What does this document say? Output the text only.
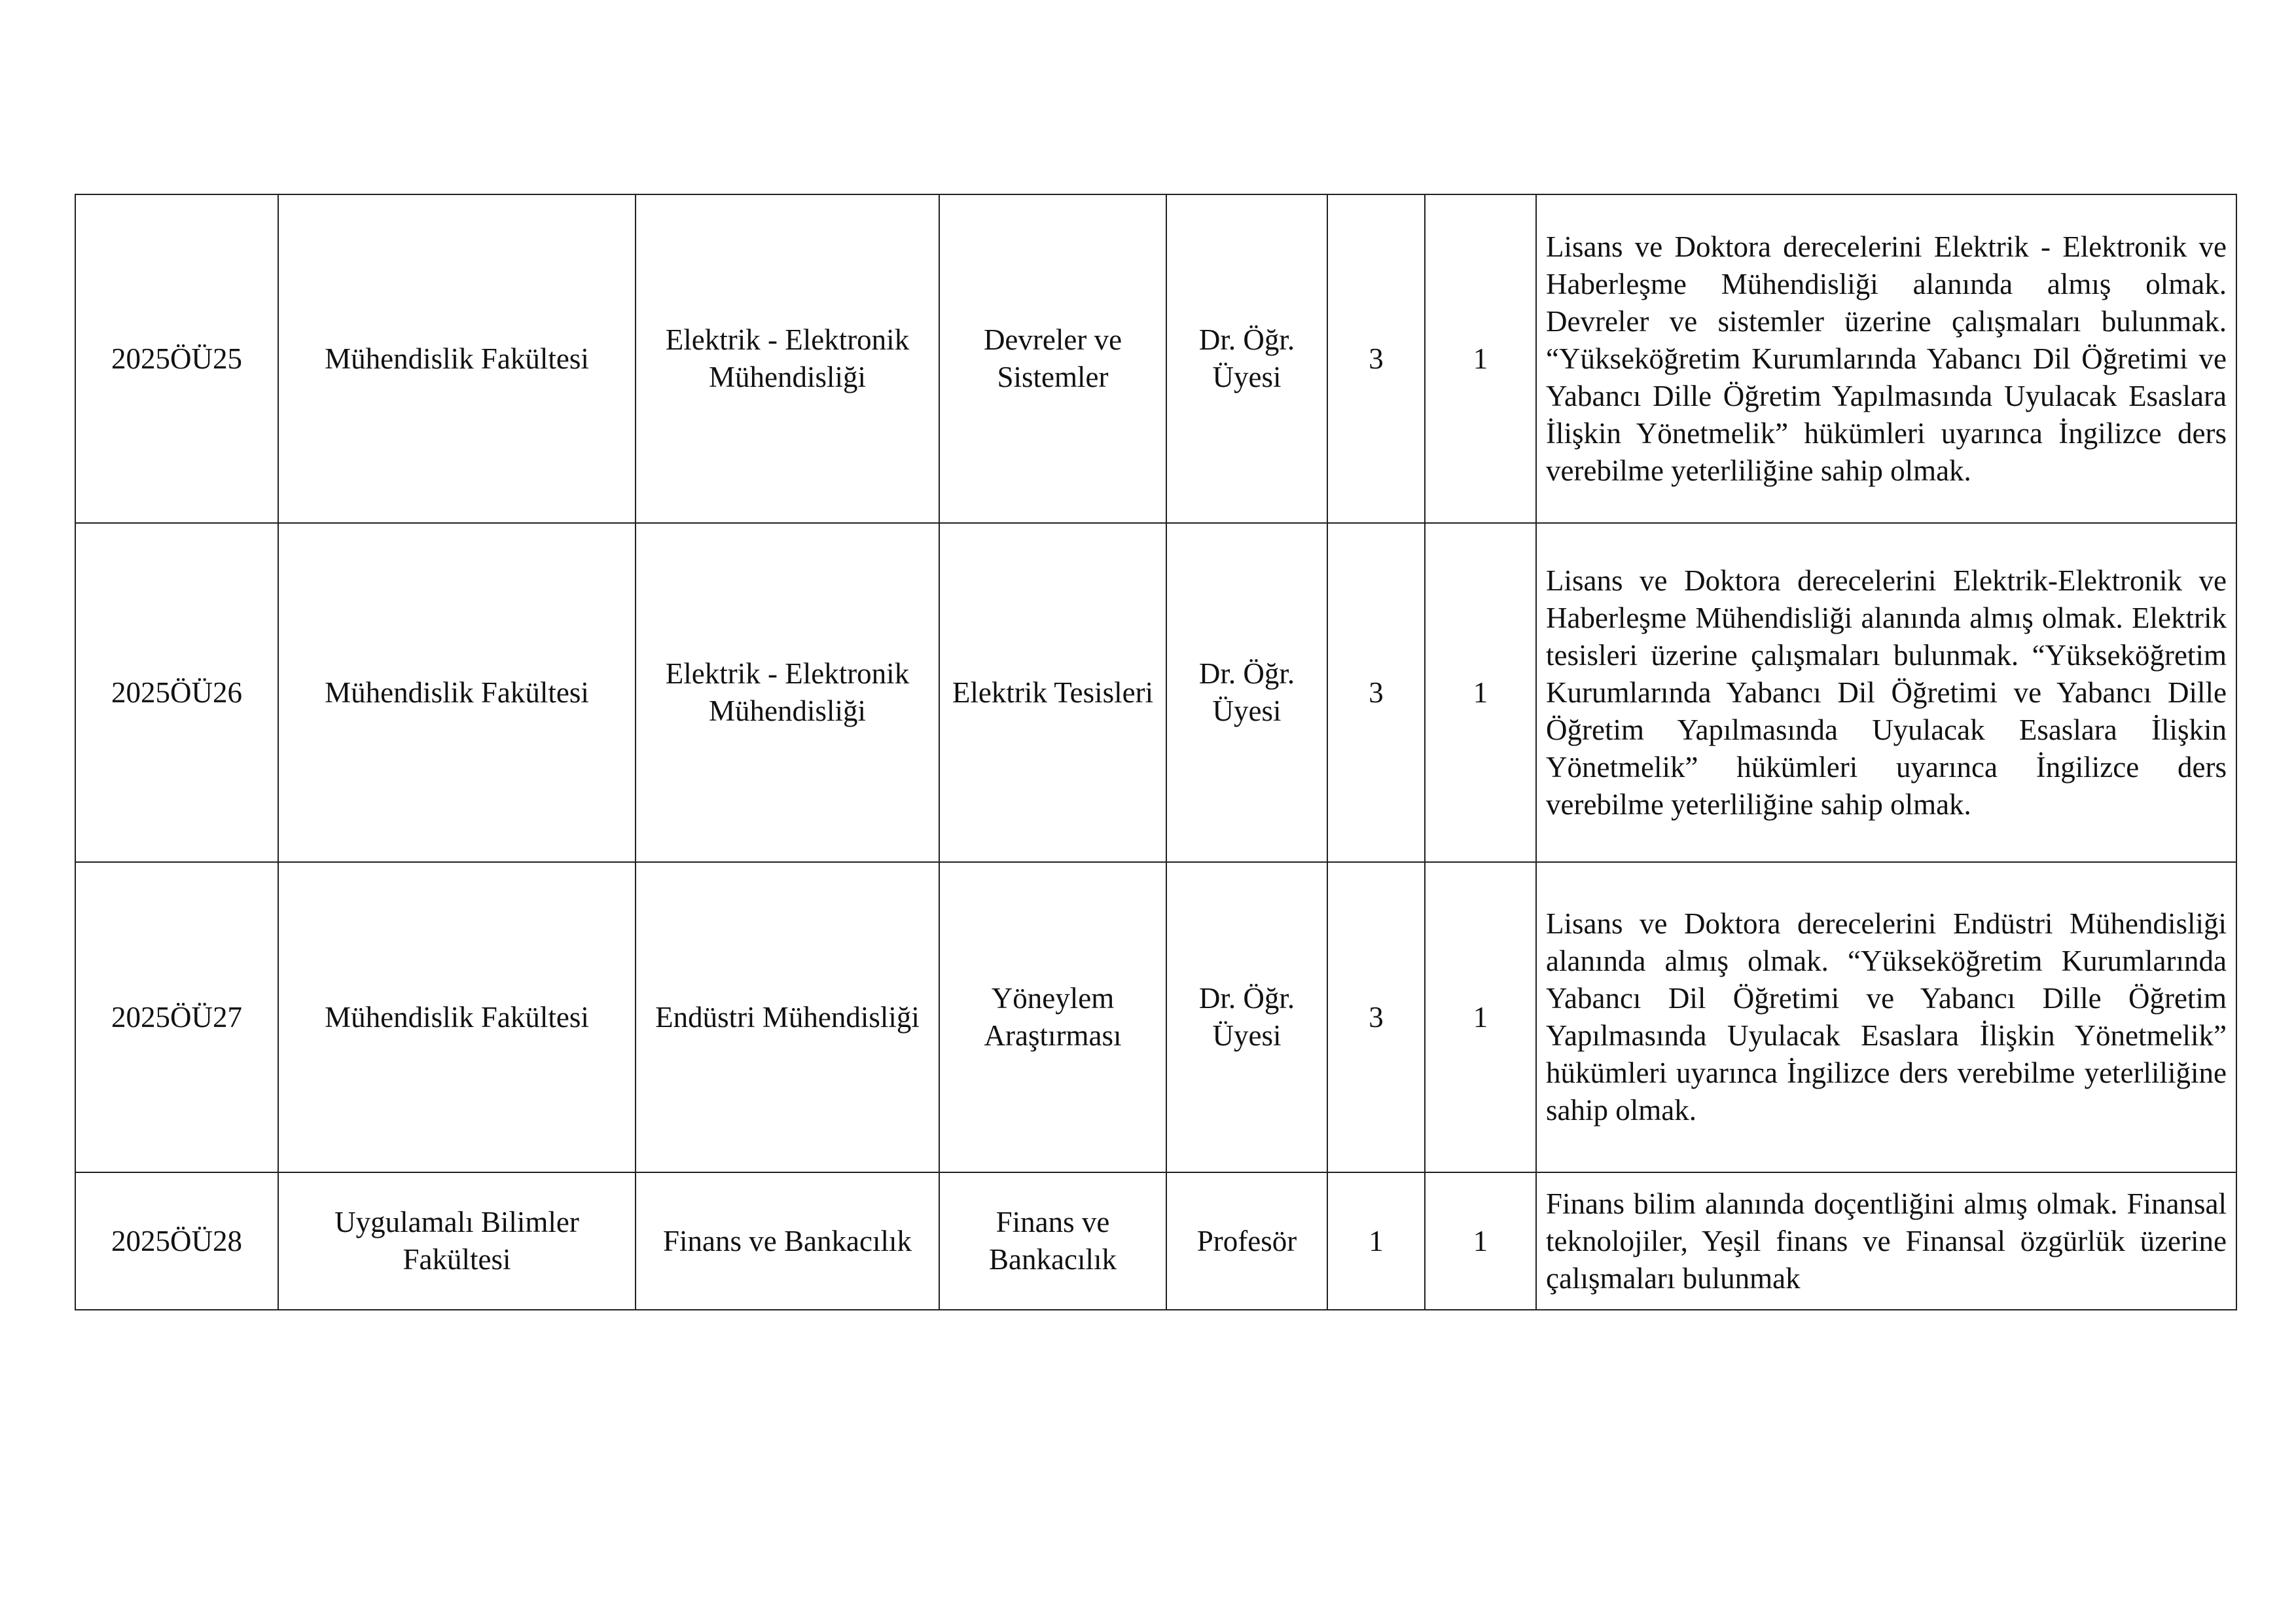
2025ÖÜ25	Mühendislik Fakültesi	Elektrik - Elektronik Mühendisliği	Devreler ve Sistemler	Dr. Öğr. Üyesi	3	1	Lisans ve Doktora derecelerini Elektrik - Elektronik ve Haberleşme Mühendisliği alanında almış olmak. Devreler ve sistemler üzerine çalışmaları bulunmak. “Yükseköğretim Kurumlarında Yabancı Dil Öğretimi ve Yabancı Dille Öğretim Yapılmasında Uyulacak Esaslara İlişkin Yönetmelik” hükümleri uyarınca İngilizce ders verebilme yeterliliğine sahip olmak.
2025ÖÜ26	Mühendislik Fakültesi	Elektrik - Elektronik Mühendisliği	Elektrik Tesisleri	Dr. Öğr. Üyesi	3	1	Lisans ve Doktora derecelerini Elektrik-Elektronik ve Haberleşme Mühendisliği alanında almış olmak. Elektrik tesisleri üzerine çalışmaları bulunmak. “Yükseköğretim Kurumlarında Yabancı Dil Öğretimi ve Yabancı Dille Öğretim Yapılmasında Uyulacak Esaslara İlişkin Yönetmelik” hükümleri uyarınca İngilizce ders verebilme yeterliliğine sahip olmak.
2025ÖÜ27	Mühendislik Fakültesi	Endüstri Mühendisliği	Yöneylem Araştırması	Dr. Öğr. Üyesi	3	1	Lisans ve Doktora derecelerini Endüstri Mühendisliği alanında almış olmak. “Yükseköğretim Kurumlarında Yabancı Dil Öğretimi ve Yabancı Dille Öğretim Yapılmasında Uyulacak Esaslara İlişkin Yönetmelik” hükümleri uyarınca İngilizce ders verebilme yeterliliğine sahip olmak.
2025ÖÜ28	Uygulamalı Bilimler Fakültesi	Finans ve Bankacılık	Finans ve Bankacılık	Profesör	1	1	Finans bilim alanında doçentliğini almış olmak. Finansal teknolojiler, Yeşil finans ve Finansal özgürlük üzerine çalışmaları bulunmak
